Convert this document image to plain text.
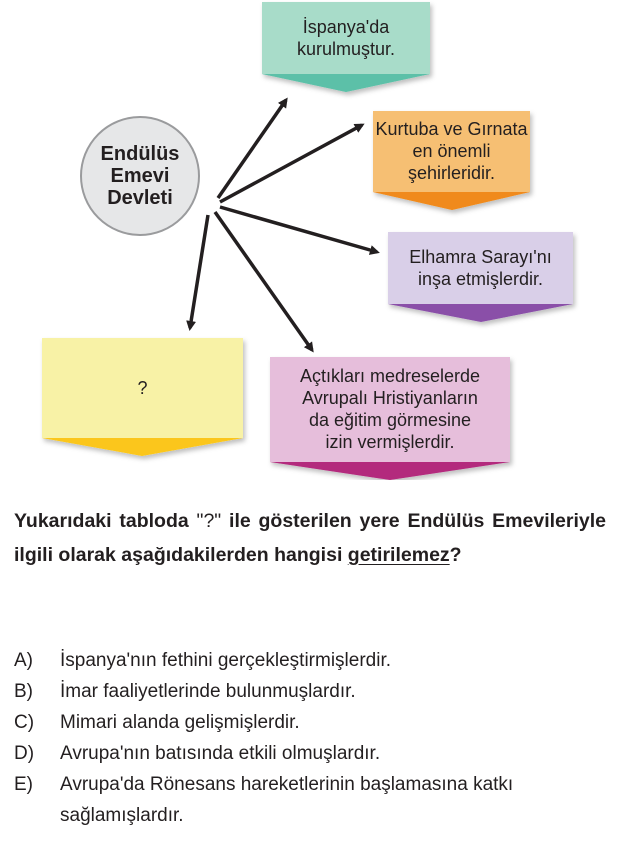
Endülüs
Emevi
Devleti
İspanya'da
kurulmuştur.
Kurtuba ve Gırnata
en önemli
şehirleridir.
Elhamra Sarayı'nı
inşa etmişlerdir.
?
Açtıkları medreselerde
Avrupalı Hristiyanların
da eğitim görmesine
izin vermişlerdir.
Yukarıdaki tabloda "?" ile gösterilen yere Endülüs Emevileriyle ilgili olarak aşağıdakilerden hangisi getirilemez?
A) İspanya'nın fethini gerçekleştirmişlerdir.
B) İmar faaliyetlerinde bulunmuşlardır.
C) Mimari alanda gelişmişlerdir.
D) Avrupa'nın batısında etkili olmuşlardır.
E) Avrupa'da Rönesans hareketlerinin başlamasına katkı sağlamışlardır.
